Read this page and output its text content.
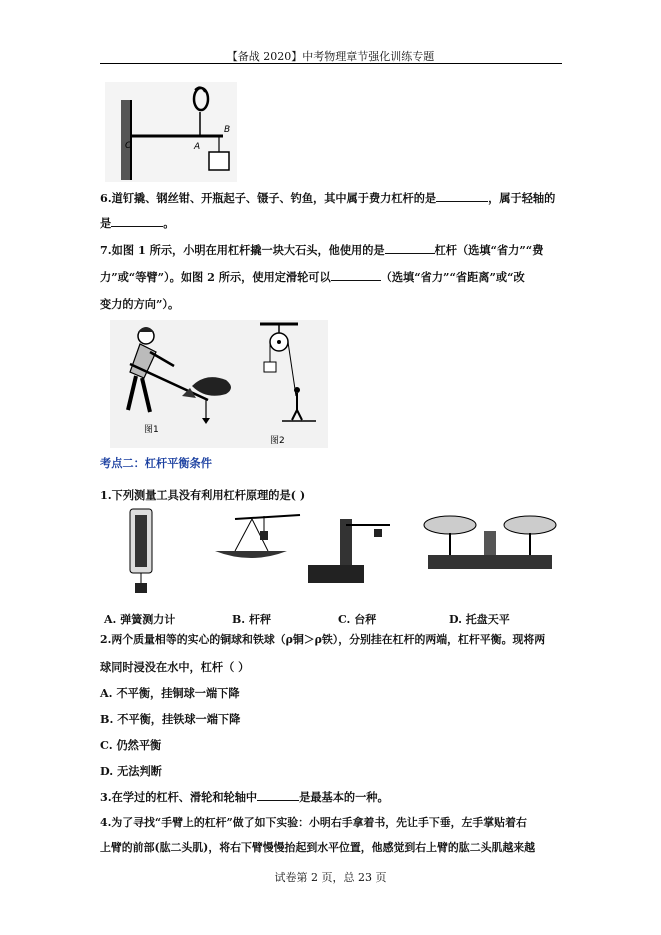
【备战 2020】中考物理章节强化训练专题
O	A
B
6.道钉撬、钢丝钳、开瓶起子、镊子、钓鱼，其中属于费力杠杆的是	，属于轻轴的
是	。
7.如图 1 所示，小明在用杠杆撬一块大石头，他使用的是	杠杆（选填“省力”“费
力”或“等臂”）。如图 2 所示，使用定滑轮可以	（选填“省力”“省距离”或“改
变力的方向”）。
图1
图2
考点二：杠杆平衡条件
1.下列测量工具没有利用杠杆原理的是( )
A. 弹簧测力计	B. 杆秤	C. 台秤	D. 托盘天平
2.两个质量相等的实心的铜球和铁球（ρ铜＞ρ铁），分别挂在杠杆的两端，杠杆平衡。现将两
球同时浸没在水中，杠杆（ ）
A. 不平衡，挂铜球一端下降
B. 不平衡，挂铁球一端下降
C. 仍然平衡
D. 无法判断
3.在学过的杠杆、滑轮和轮轴中	是最基本的一种。
4.为了寻找“手臂上的杠杆”做了如下实验：小明右手拿着书，先让手下垂，左手掌贴着右
上臂的前部(肱二头肌)，将右下臂慢慢抬起到水平位置，他感觉到右上臂的肱二头肌越来越
试卷第 2 页，总 23 页
